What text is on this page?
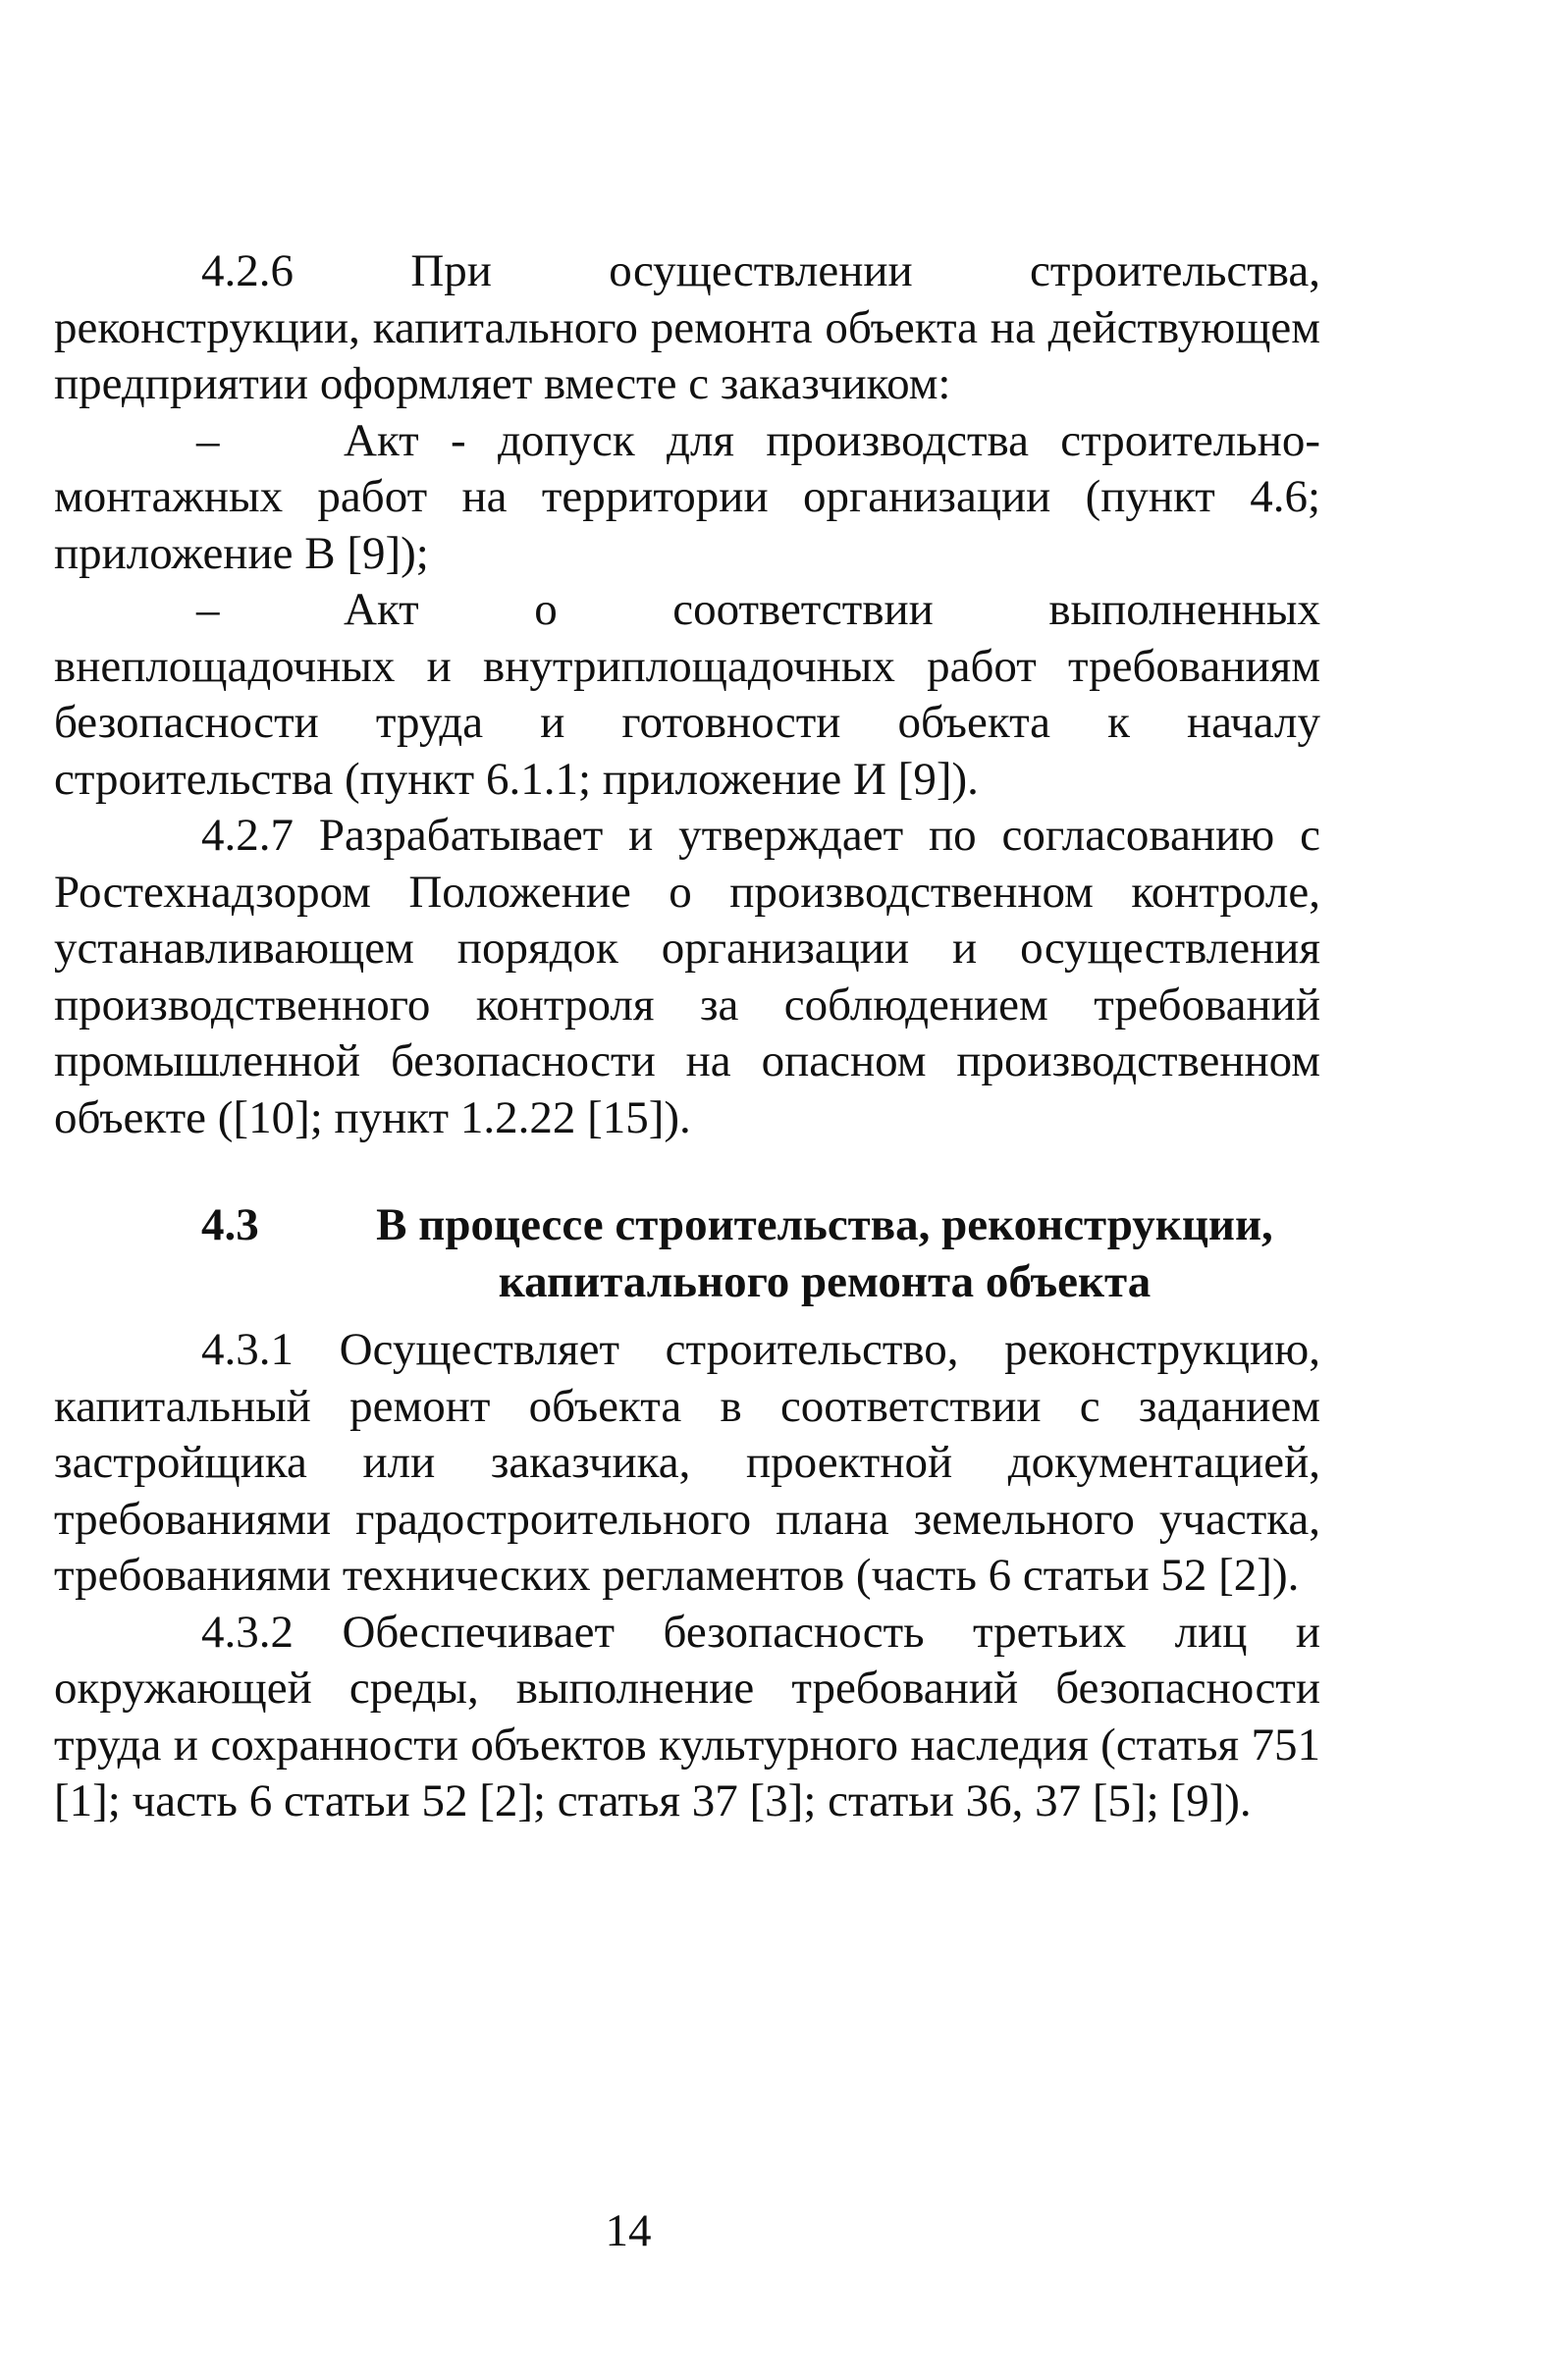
4.2.6 При осуществлении строительства, реконструкции, капитального ремонта объекта на действующем предприятии оформляет вместе с заказчиком:

–	Акт - допуск для производства строительно-монтажных работ на территории организации (пункт 4.6; приложение В [9]);

–	Акт о соответствии выполненных внеплощадочных и внутриплощадочных работ требованиям безопасности труда и готовности объекта к началу строительства (пункт 6.1.1; приложение И [9]).

4.2.7 Разрабатывает и утверждает по согласованию с Ростехнадзором Положение о производственном контроле, устанавливающем порядок организации и осуществления производственного контроля за соблюдением требований промышленной безопасности на опасном производственном объекте ([10]; пункт 1.2.22 [15]).

4.3	В процессе строительства, реконструкции, капитального ремонта объекта

4.3.1 Осуществляет строительство, реконструкцию, капитальный ремонт объекта в соответствии с заданием застройщика или заказчика, проектной документацией, требованиями градостроительного плана земельного участка, требованиями технических регламентов (часть 6 статьи 52 [2]).

4.3.2 Обеспечивает безопасность третьих лиц и окружающей среды, выполнение требований безопасности труда и сохранности объектов культурного наследия (статья 751 [1]; часть 6 статьи 52 [2]; статья 37 [3]; статьи 36, 37 [5]; [9]).

14
